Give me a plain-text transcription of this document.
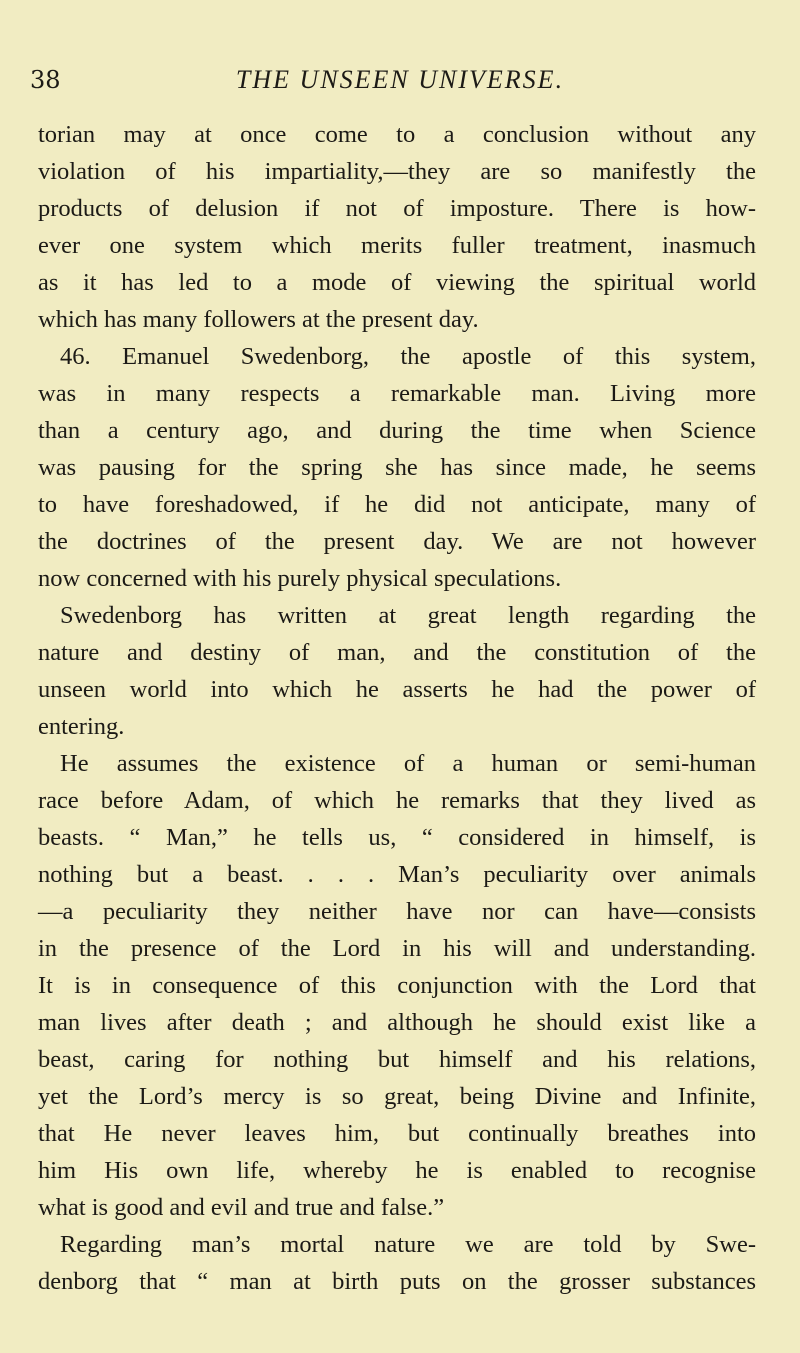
38	THE UNSEEN UNIVERSE.
torian may at once come to a conclusion without any
violation of his impartiality,—they are so manifestly the
products of delusion if not of imposture. There is how-
ever one system which merits fuller treatment, inasmuch
as it has led to a mode of viewing the spiritual world
which has many followers at the present day.
46. Emanuel Swedenborg, the apostle of this system,
was in many respects a remarkable man. Living more
than a century ago, and during the time when Science
was pausing for the spring she has since made, he seems
to have foreshadowed, if he did not anticipate, many of
the doctrines of the present day. We are not however
now concerned with his purely physical speculations.
Swedenborg has written at great length regarding the
nature and destiny of man, and the constitution of the
unseen world into which he asserts he had the power of
entering.
He assumes the existence of a human or semi-human
race before Adam, of which he remarks that they lived as
beasts. “ Man,” he tells us, “ considered in himself, is
nothing but a beast. . . . Man’s peculiarity over animals
—a peculiarity they neither have nor can have—consists
in the presence of the Lord in his will and understanding.
It is in consequence of this conjunction with the Lord that
man lives after death ; and although he should exist like a
beast, caring for nothing but himself and his relations,
yet the Lord’s mercy is so great, being Divine and Infinite,
that He never leaves him, but continually breathes into
him His own life, whereby he is enabled to recognise
what is good and evil and true and false.”
Regarding man’s mortal nature we are told by Swe-
denborg that “ man at birth puts on the grosser substances
